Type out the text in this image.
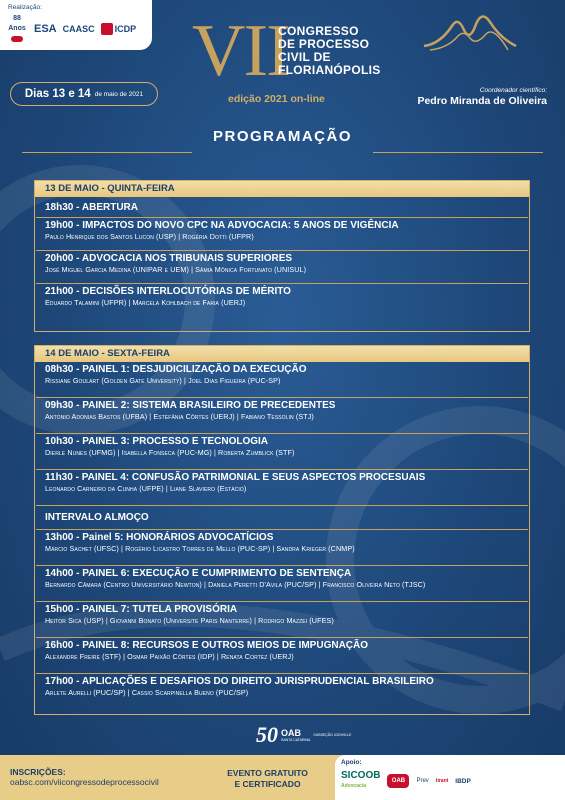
Realização:
88 Anos ESA CAASC ICDP VII
CONGRESSO
DE PROCESSO
CIVIL DE
FLORIANÓPOLIS
edição 2021 on-line
Dias 13 e 14 de maio de 2021	Coordenador científico:
Pedro Miranda de Oliveira
PROGRAMAÇÃO
13 DE MAIO - QUINTA-FEIRA
18h30 - ABERTURA
19h00 - IMPACTOS DO NOVO CPC NA ADVOCACIA: 5 ANOS DE VIGÊNCIA
Paulo Henrique dos Santos Lucon (USP) | Rogéria Dotti (UFPR)
20h00 - ADVOCACIA NOS TRIBUNAIS SUPERIORES
José Miguel Garcia Medina (UNIPAR e UEM) | Sâmia Mônica Fortunato (UNISUL)
21h00 - DECISÕES INTERLOCUTÓRIAS DE MÉRITO
Eduardo Talamini (UFPR) | Marcela Kohlbach de Faria (UERJ)
14 DE MAIO - SEXTA-FEIRA
08h30 - PAINEL 1: DESJUDICILIZAÇÃO DA EXECUÇÃO
Rissiane Goulart (Golden Gate University) | Joel Dias Figueira (PUC-SP)
09h30 - PAINEL 2: SISTEMA BRASILEIRO DE PRECEDENTES
Antonio Adonias Bastos (UFBA) | Estefânia Côrtes (UERJ) | Fabiano Tessolin (STJ)
10h30 - PAINEL 3: PROCESSO E TECNOLOGIA
Dierle Nunes (UFMG) | Isabella Fonseca (PUC-MG) | Roberta Zumblick (STF)
11h30 - PAINEL 4: CONFUSÃO PATRIMONIAL E SEUS ASPECTOS PROCESUAIS
Leonardo Carneiro da Cunha (UFPE) | Liane Slaviero (Estácio)
INTERVALO ALMOÇO
13h00 - Painel 5: HONORÁRIOS ADVOCATÍCIOS
Márcio Sachet (UFSC) | Rogério Licastro Torres de Mello (PUC-SP) | Sandra Krieger (CNMP)
14h00 - PAINEL 6: EXECUÇÃO E CUMPRIMENTO DE SENTENÇA
Bernardo Câmara (Centro Universitário Newton) | Daniela Peretti D'Avila (PUC/SP) | Francisco Oliveira Neto (TJSC)
15h00 - PAINEL 7: TUTELA PROVISÓRIA
Heitor Sica (USP) | Giovanni Bonato (Universite Paris Nanterre) | Rodrigo Mazzei (UFES)
16h00 - PAINEL 8: RECURSOS E OUTROS MEIOS DE IMPUGNAÇÃO
Alexandre Freire (STF) | Osmar Paixão Côrtes (IDP) | Renata Cortez (UERJ)
17h00 - APLICAÇÕES E DESAFIOS DO DIREITO JURISPRUDENCIAL BRASILEIRO
Arlete Aurelli (PUC/SP) | Cassio Scarpinella Bueno (PUC/SP)
50 OAB
SANTA CATARINA
SUBSEÇÃO JOINVILLE
INSCRIÇÕES:
oabsc.com/viicongressodeprocessocivil
EVENTO GRATUITO
E CERTIFICADO
Apoio:
SICOOB
Advocacia
OAB	Prev tirant IBDP
